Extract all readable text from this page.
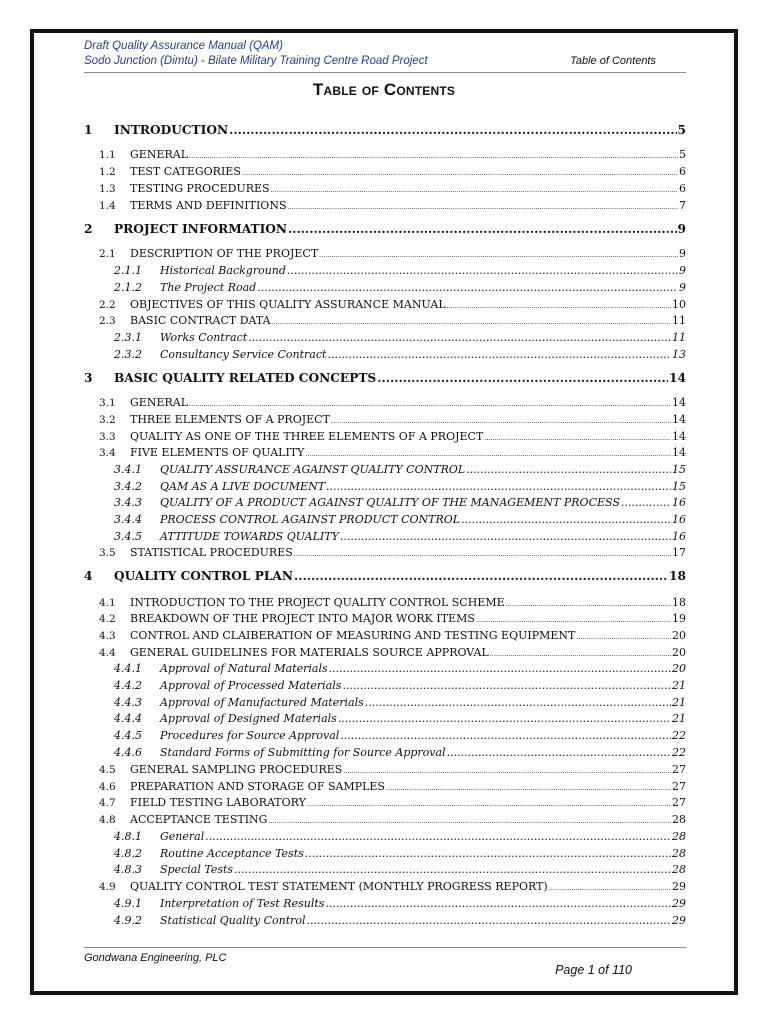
Draft Quality Assurance Manual (QAM)
Sodo Junction (Dimtu) - Bilate Military Training Centre Road Project	Table of Contents
Table of Contents
1	INTRODUCTION .....	5
1.1	GENERAL .....	5
1.2	TEST CATEGORIES .....	6
1.3	TESTING PROCEDURES .....	6
1.4	TERMS AND DEFINITIONS .....	7
2	PROJECT INFORMATION .....	9
2.1	DESCRIPTION OF THE PROJECT .....	9
2.1.1	Historical Background .....	9
2.1.2	The Project Road .....	9
2.2	OBJECTIVES OF THIS QUALITY ASSURANCE MANUAL .....	10
2.3	BASIC CONTRACT DATA .....	11
2.3.1	Works Contract .....	11
2.3.2	Consultancy Service Contract .....	13
3	BASIC QUALITY RELATED CONCEPTS .....	14
3.1	GENERAL .....	14
3.2	THREE ELEMENTS OF A PROJECT .....	14
3.3	QUALITY AS ONE OF THE THREE ELEMENTS OF A PROJECT .....	14
3.4	FIVE ELEMENTS OF QUALITY .....	14
3.4.1	QUALITY ASSURANCE AGAINST QUALITY CONTROL .....	15
3.4.2	QAM AS A LIVE DOCUMENT .....	15
3.4.3	QUALITY OF A PRODUCT AGAINST QUALITY OF THE MANAGEMENT PROCESS .....	16
3.4.4	PROCESS CONTROL AGAINST PRODUCT CONTROL .....	16
3.4.5	ATTITUDE TOWARDS QUALITY .....	16
3.5	STATISTICAL PROCEDURES .....	17
4	QUALITY CONTROL PLAN .....	18
4.1	INTRODUCTION TO THE PROJECT QUALITY CONTROL SCHEME .....	18
4.2	BREAKDOWN OF THE PROJECT INTO MAJOR WORK ITEMS .....	19
4.3	CONTROL AND CLAIBERATION OF MEASURING AND TESTING EQUIPMENT .....	20
4.4	GENERAL GUIDELINES FOR MATERIALS SOURCE APPROVAL .....	20
4.4.1	Approval of Natural Materials .....	20
4.4.2	Approval of Processed Materials .....	21
4.4.3	Approval of Manufactured Materials .....	21
4.4.4	Approval of Designed Materials .....	21
4.4.5	Procedures for Source Approval .....	22
4.4.6	Standard Forms of Submitting for Source Approval .....	22
4.5	GENERAL SAMPLING PROCEDURES .....	27
4.6	PREPARATION AND STORAGE OF SAMPLES .....	27
4.7	FIELD TESTING LABORATORY .....	27
4.8	ACCEPTANCE TESTING .....	28
4.8.1	General .....	28
4.8.2	Routine Acceptance Tests .....	28
4.8.3	Special Tests .....	28
4.9	QUALITY CONTROL TEST STATEMENT (MONTHLY PROGRESS REPORT) .....	29
4.9.1	Interpretation of Test Results .....	29
4.9.2	Statistical Quality Control .....	29
Gondwana Engineering, PLC
Page 1 of 110
